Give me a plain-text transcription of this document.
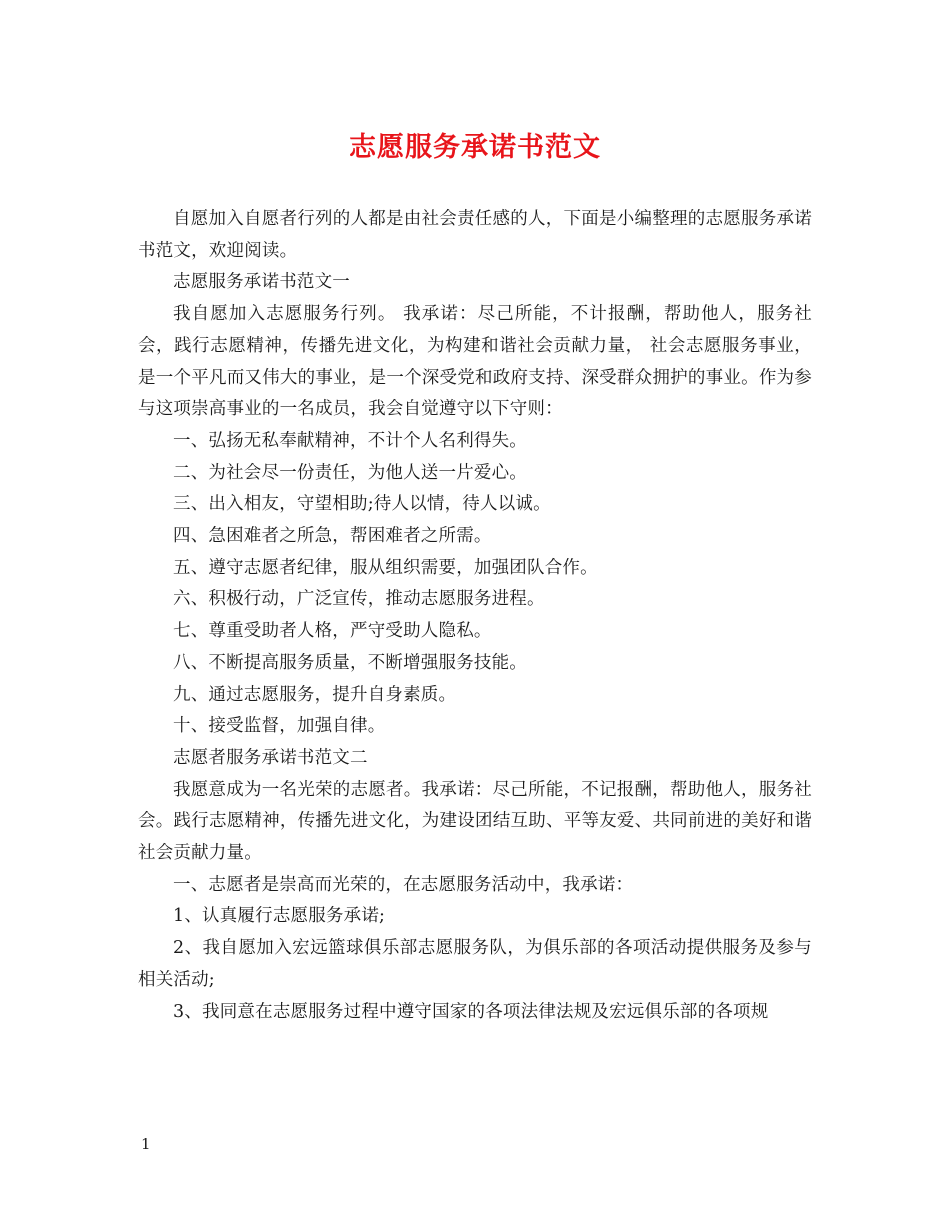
志愿服务承诺书范文

自愿加入自愿者行列的人都是由社会责任感的人，下面是小编整理的志愿服务承诺书范文，欢迎阅读。

志愿服务承诺书范文一

我自愿加入志愿服务行列。 我承诺：尽己所能，不计报酬，帮助他人，服务社会，践行志愿精神，传播先进文化，为构建和谐社会贡献力量， 社会志愿服务事业，是一个平凡而又伟大的事业，是一个深受党和政府支持、深受群众拥护的事业。作为参与这项崇高事业的一名成员，我会自觉遵守以下守则：

一、弘扬无私奉献精神，不计个人名利得失。

二、为社会尽一份责任，为他人送一片爱心。

三、出入相友，守望相助;待人以情，待人以诚。

四、急困难者之所急，帮困难者之所需。

五、遵守志愿者纪律，服从组织需要，加强团队合作。

六、积极行动，广泛宣传，推动志愿服务进程。

七、尊重受助者人格，严守受助人隐私。

八、不断提高服务质量，不断增强服务技能。

九、通过志愿服务，提升自身素质。

十、接受监督，加强自律。

志愿者服务承诺书范文二

我愿意成为一名光荣的志愿者。我承诺：尽己所能，不记报酬，帮助他人，服务社会。践行志愿精神，传播先进文化，为建设团结互助、平等友爱、共同前进的美好和谐社会贡献力量。

一、志愿者是崇高而光荣的，在志愿服务活动中，我承诺：

1、认真履行志愿服务承诺;

2、我自愿加入宏远篮球俱乐部志愿服务队，为俱乐部的各项活动提供服务及参与相关活动;

3、我同意在志愿服务过程中遵守国家的各项法律法规及宏远俱乐部的各项规

1
